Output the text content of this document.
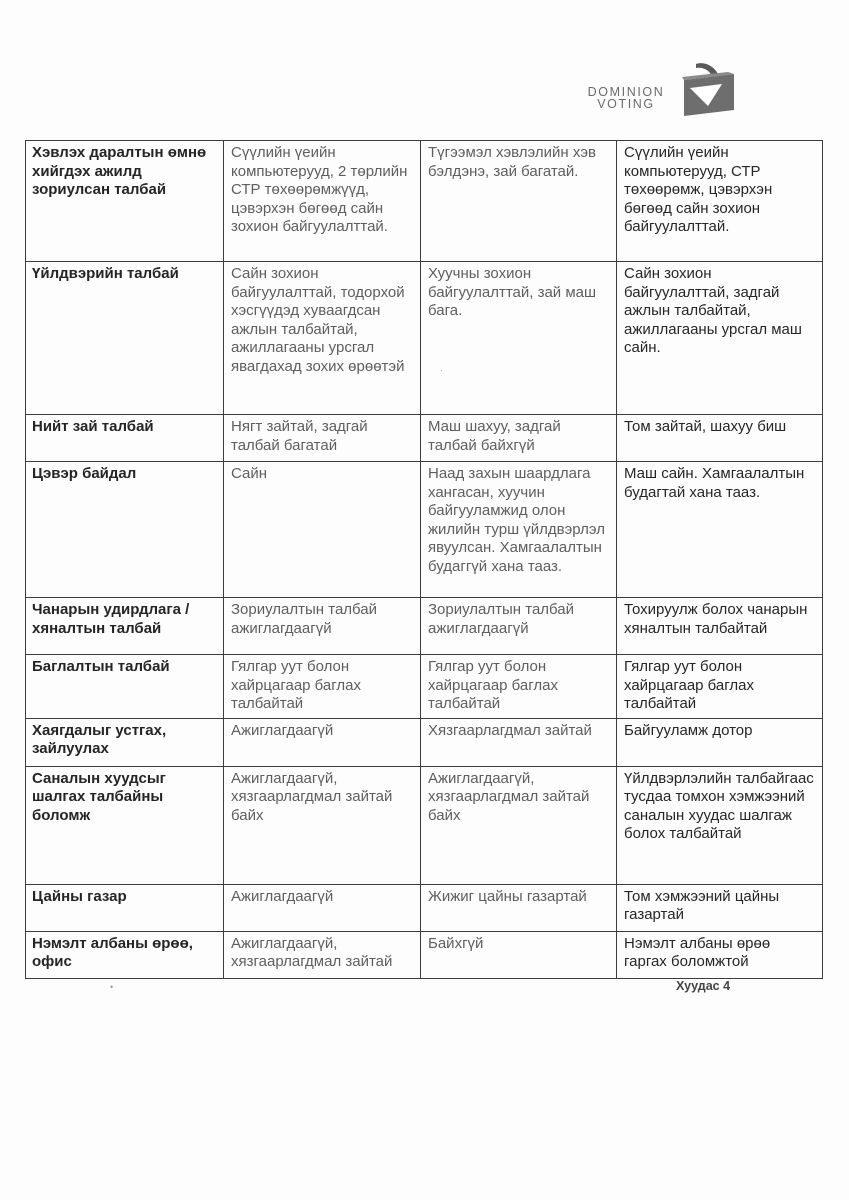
DOMINION
VOTING
Хэвлэх даралтын өмнө хийгдэх ажилд зориулсан талбай	Сүүлийн үеийн компьютерууд, 2 төрлийн СТР төхөөрөмжүүд, цэвэрхэн бөгөөд сайн зохион байгуулалттай.	Түгээмэл хэвлэлийн хэв бэлдэнэ, зай багатай.	Сүүлийн үеийн компьютерууд, СТР төхөөрөмж, цэвэрхэн бөгөөд сайн зохион байгуулалттай.
Үйлдвэрийн талбай	Сайн зохион байгуулалттай, тодорхой хэсгүүдэд хуваагдсан ажлын талбайтай, ажиллагааны урсгал явагдахад зохих өрөөтэй	Хуучны зохион байгуулалттай, зай маш бага.	Сайн зохион байгуулалттай, задгай ажлын талбайтай, ажиллагааны урсгал маш сайн.
Нийт зай талбай	Нягт зайтай, задгай талбай багатай	Маш шахуу, задгай талбай байхгүй	Том зайтай, шахуу биш
Цэвэр байдал	Сайн	Наад захын шаардлага хангасан, хуучин байгууламжид олон жилийн турш үйлдвэрлэл явуулсан. Хамгаалалтын будаггүй хана тааз.	Маш сайн. Хамгаалалтын будагтай хана тааз.
Чанарын удирдлага / хяналтын талбай	Зориулалтын талбай ажиглагдаагүй	Зориулалтын талбай ажиглагдаагүй	Тохируулж болох чанарын хяналтын талбайтай
Баглалтын талбай	Гялгар уут болон хайрцагаар баглах талбайтай	Гялгар уут болон хайрцагаар баглах талбайтай	Гялгар уут болон хайрцагаар баглах талбайтай
Хаягдалыг устгах, зайлуулах	Ажиглагдаагүй	Хязгаарлагдмал зайтай	Байгууламж дотор
Саналын хуудсыг шалгах талбайны боломж	Ажиглагдаагүй, хязгаарлагдмал зайтай байх	Ажиглагдаагүй, хязгаарлагдмал зайтай байх	Үйлдвэрлэлийн талбайгаас тусдаа томхон хэмжээний саналын хуудас шалгаж болох талбайтай
Цайны газар	Ажиглагдаагүй	Жижиг цайны газартай	Том хэмжээний цайны газартай
Нэмэлт албаны өрөө, офис	Ажиглагдаагүй, хязгаарлагдмал зайтай	Байхгүй	Нэмэлт албаны өрөө гаргах боломжтой
Хуудас 4
•
·
